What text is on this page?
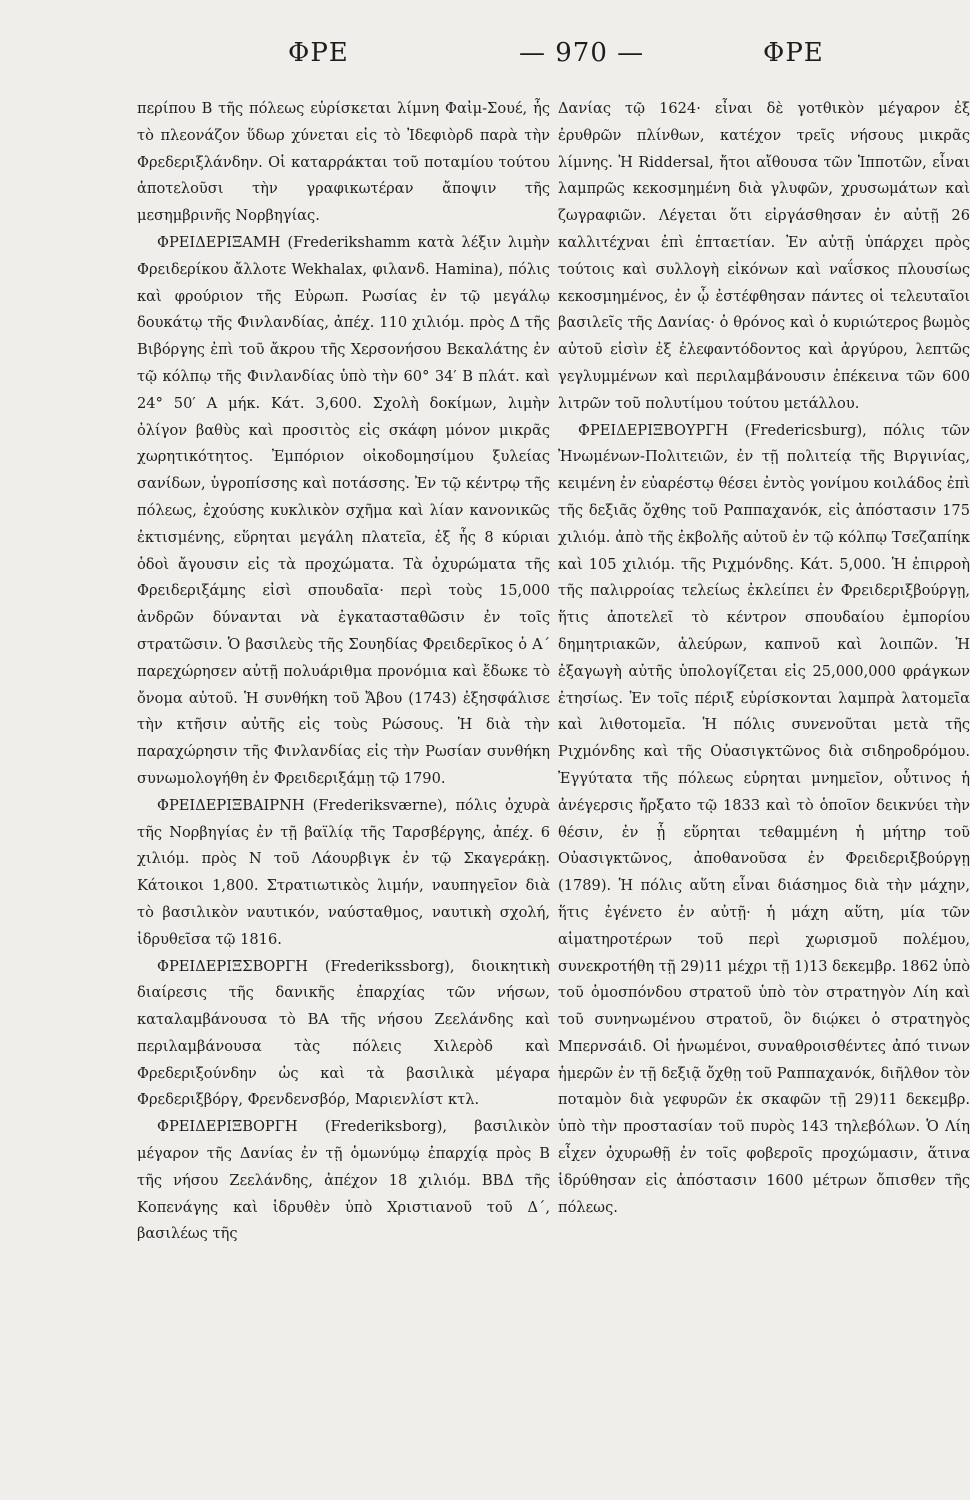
ΦΡΕ	— 970 —	ΦΡΕ

περίπου Β τῆς πόλεως εὑρίσκεται λίμνη Φαἰμ-Σουέ, ἧς τὸ πλεονάζον ὕδωρ χύνεται εἰς τὸ Ἰδεφιὸρδ παρὰ τὴν Φρεδεριξλάνδην. Οἱ καταρράκται τοῦ ποταμίου τούτου ἀποτελοῦσι τὴν γραφικωτέραν ἄποψιν τῆς μεσημβρινῆς Νορβηγίας.

ΦΡΕΙΔΕΡΙΞΑΜΗ (Frederikshamm κατὰ λέξιν λιμὴν Φρειδερίκου ἄλλοτε Wekhalax, φιλανδ. Hamina), πόλις καὶ φρούριον τῆς Εὐρωπ. Ρωσίας ἐν τῷ μεγάλῳ δουκάτῳ τῆς Φινλανδίας, ἀπέχ. 110 χιλιόμ. πρὸς Δ τῆς Βιβόργης ἐπὶ τοῦ ἄκρου τῆς Χερσονήσου Βεκαλάτης ἐν τῷ κόλπῳ τῆς Φινλανδίας ὑπὸ τὴν 60° 34′ Β πλάτ. καὶ 24° 50′ Α μήκ. Κάτ. 3,600. Σχολὴ δοκίμων, λιμὴν ὀλίγον βαθὺς καὶ προσιτὸς εἰς σκάφη μόνον μικρᾶς χωρητικότητος. Ἐμπόριον οἰκοδομησίμου ξυλείας σανίδων, ὑγροπίσσης καὶ ποτάσσης. Ἐν τῷ κέντρῳ τῆς πόλεως, ἐχούσης κυκλικὸν σχῆμα καὶ λίαν κανονικῶς ἐκτισμένης, εὕρηται μεγάλη πλατεῖα, ἐξ ἧς 8 κύριαι ὁδοὶ ἄγουσιν εἰς τὰ προχώματα. Τὰ ὀχυρώματα τῆς Φρειδεριξάμης εἰσὶ σπουδαῖα· περὶ τοὺς 15,000 ἀνδρῶν δύνανται νὰ ἐγκατασταθῶσιν ἐν τοῖς στρατῶσιν. Ὁ βασιλεὺς τῆς Σουηδίας Φρειδερῖκος ὁ Α΄ παρεχώρησεν αὐτῇ πολυάριθμα προνόμια καὶ ἔδωκε τὸ ὄνομα αὐτοῦ. Ἡ συνθήκη τοῦ Ἄβου (1743) ἐξησφάλισε τὴν κτῆσιν αὐτῆς εἰς τοὺς Ρώσους. Ἡ διὰ τὴν παραχώρησιν τῆς Φινλανδίας εἰς τὴν Ρωσίαν συνθήκη συνωμολογήθη ἐν Φρειδεριξάμῃ τῷ 1790.

ΦΡΕΙΔΕΡΙΞΒΑΙΡΝΗ (Frederiksværne), πόλις ὀχυρὰ τῆς Νορβηγίας ἐν τῇ βαϊλίᾳ τῆς Ταρσβέργης, ἀπέχ. 6 χιλιόμ. πρὸς Ν τοῦ Λάουρβιγκ ἐν τῷ Σκαγεράκῃ. Κάτοικοι 1,800. Στρατιωτικὸς λιμήν, ναυπηγεῖον διὰ τὸ βασιλικὸν ναυτικόν, ναύσταθμος, ναυτικὴ σχολή, ἱδρυθεῖσα τῷ 1816.

ΦΡΕΙΔΕΡΙΞΣΒΟΡΓΗ (Frederikssborg), διοικητικὴ διαίρεσις τῆς δανικῆς ἐπαρχίας τῶν νήσων, καταλαμβάνουσα τὸ ΒΑ τῆς νήσου Ζεελάνδης καὶ περιλαμβάνουσα τὰς πόλεις Χιλερὸδ καὶ Φρεδεριξούνδην ὡς καὶ τὰ βασιλικὰ μέγαρα Φρεδεριξβόργ, Φρενδενσβόρ, Μαριενλίστ κτλ.

ΦΡΕΙΔΕΡΙΞΒΟΡΓΗ (Frederiksborg), βασιλικὸν μέγαρον τῆς Δανίας ἐν τῇ ὁμωνύμῳ ἐπαρχίᾳ πρὸς Β τῆς νήσου Ζεελάνδης, ἀπέχον 18 χιλιόμ. ΒΒΔ τῆς Κοπενάγης καὶ ἱδρυθὲν ὑπὸ Χριστιανοῦ τοῦ Δ΄, βασιλέως τῆς

Δανίας τῷ 1624· εἶναι δὲ γοτθικὸν μέγαρον ἐξ ἐρυθρῶν πλίνθων, κατέχον τρεῖς νήσους μικρᾶς λίμνης. Ἡ Riddersal, ἤτοι αἴθουσα τῶν Ἱπποτῶν, εἶναι λαμπρῶς κεκοσμημένη διὰ γλυφῶν, χρυσωμάτων καὶ ζωγραφιῶν. Λέγεται ὅτι εἰργάσθησαν ἐν αὐτῇ 26 καλλιτέχναι ἐπὶ ἑπταετίαν. Ἐν αὐτῇ ὑπάρχει πρὸς τούτοις καὶ συλλογὴ εἰκόνων καὶ ναΐσκος πλουσίως κεκοσμημένος, ἐν ᾧ ἐστέφθησαν πάντες οἱ τελευταῖοι βασιλεῖς τῆς Δανίας· ὁ θρόνος καὶ ὁ κυριώτερος βωμὸς αὐτοῦ εἰσὶν ἐξ ἐλεφαντόδοντος καὶ ἀργύρου, λεπτῶς γεγλυμμένων καὶ περιλαμβάνουσιν ἐπέκεινα τῶν 600 λιτρῶν τοῦ πολυτίμου τούτου μετάλλου.

ΦΡΕΙΔΕΡΙΞΒΟΥΡΓΗ (Fredericsburg), πόλις τῶν Ἠνωμένων-Πολιτειῶν, ἐν τῇ πολιτείᾳ τῆς Βιργινίας, κειμένη ἐν εὐαρέστῳ θέσει ἐντὸς γονίμου κοιλάδος ἐπὶ τῆς δεξιᾶς ὄχθης τοῦ Ραππαχανόκ, εἰς ἀπόστασιν 175 χιλιόμ. ἀπὸ τῆς ἐκβολῆς αὐτοῦ ἐν τῷ κόλπῳ Τσεζαπίηκ καὶ 105 χιλιόμ. τῆς Ριχμόνδης. Κάτ. 5,000. Ἡ ἐπιρροὴ τῆς παλιρροίας τελείως ἐκλείπει ἐν Φρειδεριξβούργῃ, ἥτις ἀποτελεῖ τὸ κέντρον σπουδαίου ἐμπορίου δημητριακῶν, ἀλεύρων, καπνοῦ καὶ λοιπῶν. Ἡ ἐξαγωγὴ αὐτῆς ὑπολογίζεται εἰς 25,000,000 φράγκων ἐτησίως. Ἐν τοῖς πέριξ εὑρίσκονται λαμπρὰ λατομεῖα καὶ λιθοτομεῖα. Ἡ πόλις συνενοῦται μετὰ τῆς Ριχμόνδης καὶ τῆς Οὐασιγκτῶνος διὰ σιδηροδρόμου. Ἐγγύτατα τῆς πόλεως εὑρηται μνημεῖον, οὗτινος ἡ ἀνέγερσις ἤρξατο τῷ 1833 καὶ τὸ ὁποῖον δεικνύει τὴν θέσιν, ἐν ᾗ εὕρηται τεθαμμένη ἡ μήτηρ τοῦ Οὐασιγκτῶνος, ἀποθανοῦσα ἐν Φρειδεριξβούργῃ (1789). Ἡ πόλις αὕτη εἶναι διάσημος διὰ τὴν μάχην, ἥτις ἐγένετο ἐν αὐτῇ· ἡ μάχη αὕτη, μία τῶν αἱματηροτέρων τοῦ περὶ χωρισμοῦ πολέμου, συνεκροτήθη τῇ 29)11 μέχρι τῇ 1)13 δεκεμβρ. 1862 ὑπὸ τοῦ ὁμοσπόνδου στρατοῦ ὑπὸ τὸν στρατηγὸν Λίη καὶ τοῦ συνηνωμένου στρατοῦ, ὃν διῴκει ὁ στρατηγὸς Μπερνσάιδ. Οἱ ἡνωμένοι, συναθροισθέντες ἀπό τινων ἡμερῶν ἐν τῇ δεξιᾷ ὄχθῃ τοῦ Ραππαχανόκ, διῆλθον τὸν ποταμὸν διὰ γεφυρῶν ἐκ σκαφῶν τῇ 29)11 δεκεμβρ. ὑπὸ τὴν προστασίαν τοῦ πυρὸς 143 τηλεβόλων. Ὁ Λίη εἶχεν ὀχυρωθῇ ἐν τοῖς φοβεροῖς προχώμασιν, ἅτινα ἱδρύθησαν εἰς ἀπόστασιν 1600 μέτρων ὄπισθεν τῆς πόλεως.
